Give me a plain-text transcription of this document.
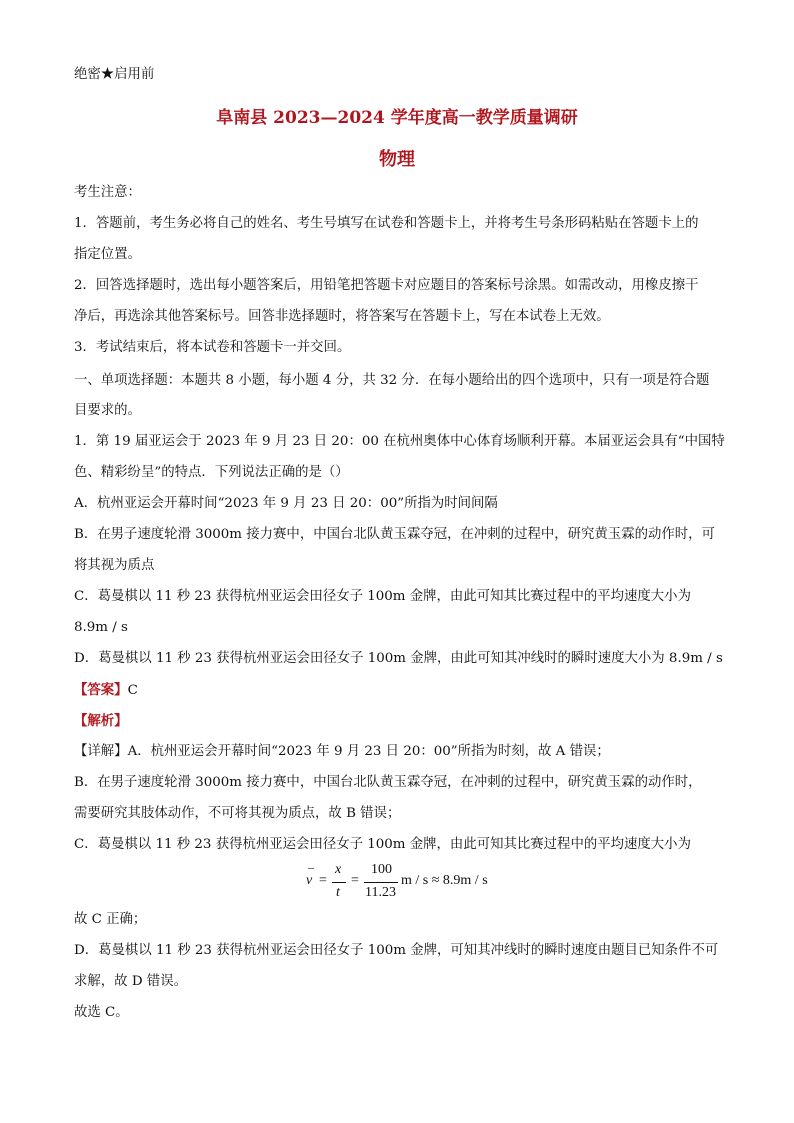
绝密★启用前
阜南县 2023—2024 学年度高一教学质量调研
物理
考生注意：
1．答题前，考生务必将自己的姓名、考生号填写在试卷和答题卡上，并将考生号条形码粘贴在答题卡上的
指定位置。
2．回答选择题时，选出每小题答案后，用铅笔把答题卡对应题目的答案标号涂黑。如需改动，用橡皮擦干
净后，再选涂其他答案标号。回答非选择题时，将答案写在答题卡上，写在本试卷上无效。
3．考试结束后，将本试卷和答题卡一并交回。
一、单项选择题：本题共 8 小题，每小题 4 分，共 32 分．在每小题给出的四个选项中，只有一项是符合题
目要求的。
1．第 19 届亚运会于 2023 年 9 月 23 日 20：00 在杭州奥体中心体育场顺利开幕。本届亚运会具有“中国特
色、精彩纷呈”的特点．下列说法正确的是（）
A．杭州亚运会开幕时间“2023 年 9 月 23 日 20：00”所指为时间间隔
B．在男子速度轮滑 3000m 接力赛中，中国台北队黄玉霖夺冠，在冲刺的过程中，研究黄玉霖的动作时，可
将其视为质点
C．葛曼棋以 11 秒 23 获得杭州亚运会田径女子 100m 金牌，由此可知其比赛过程中的平均速度大小为
8.9m / s
D．葛曼棋以 11 秒 23 获得杭州亚运会田径女子 100m 金牌，由此可知其冲线时的瞬时速度大小为 8.9m / s
【答案】C
【解析】
【详解】A．杭州亚运会开幕时间“2023 年 9 月 23 日 20：00”所指为时刻，故 A 错误；
B．在男子速度轮滑 3000m 接力赛中，中国台北队黄玉霖夺冠，在冲刺的过程中，研究黄玉霖的动作时，
需要研究其肢体动作，不可将其视为质点，故 B 错误；
C．葛曼棋以 11 秒 23 获得杭州亚运会田径女子 100m 金牌，由此可知其比赛过程中的平均速度大小为
–
v =
x
t
=
100
11.23
m / s ≈ 8.9m / s
故 C 正确；
D．葛曼棋以 11 秒 23 获得杭州亚运会田径女子 100m 金牌，可知其冲线时的瞬时速度由题目已知条件不可
求解，故 D 错误。
故选 C。
